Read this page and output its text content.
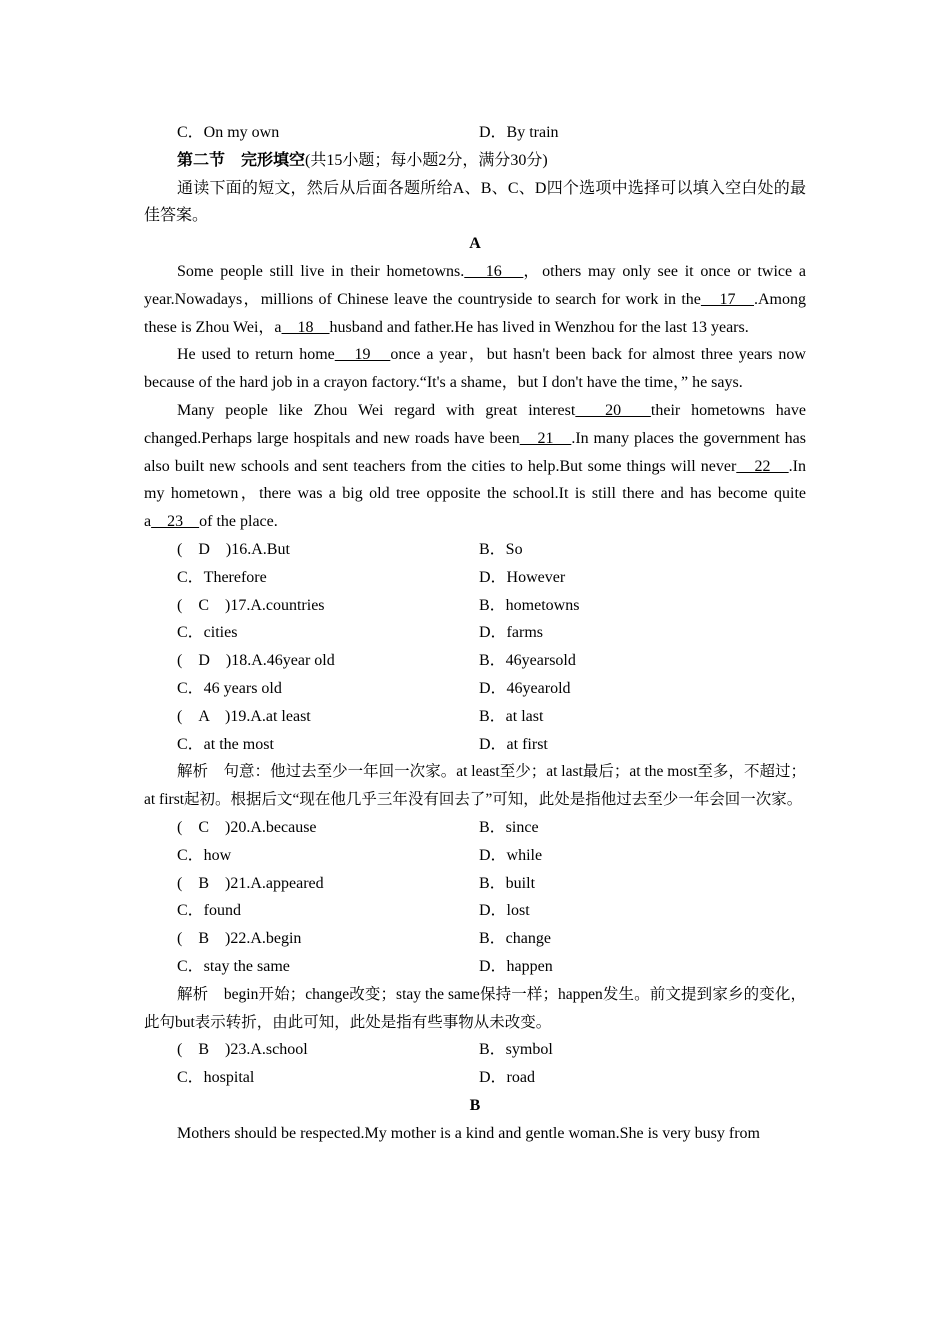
C．On my own	D．By train

第二节　完形填空(共15小题；每小题2分，满分30分)

通读下面的短文，然后从后面各题所给A、B、C、D四个选项中选择可以填入空白处的最佳答案。

A

Some people still live in their hometowns.　16　，others may only see it once or twice a year.Nowadays，millions of Chinese leave the countryside to search for work in the　17　.Among these is Zhou Wei，a　18　husband and father.He has lived in Wenzhou for the last 13 years.

He used to return home　19　once a year，but hasn't been back for almost three years now because of the hard job in a crayon factory.“It's a shame，but I don't have the time，” he says.

Many people like Zhou Wei regard with great interest　20　their hometowns have changed.Perhaps large hospitals and new roads have been　21　.In many places the government has also built new schools and sent teachers from the cities to help.But some things will never　22　.In my hometown，there was a big old tree opposite the school.It is still there and has become quite a　23　of the place.

(　D　)16.A.But	B．So
C．Therefore	D．However
(　C　)17.A.countries	B．hometowns
C．cities	D．farms
(　D　)18.A.46year old	B．46yearsold
C．46 years old	D．46yearold
(　A　)19.A.at least	B．at last
C．at the most	D．at first

解析　句意：他过去至少一年回一次家。at least至少；at last最后；at the most至多，不超过；at first起初。根据后文“现在他几乎三年没有回去了”可知，此处是指他过去至少一年会回一次家。

(　C　)20.A.because	B．since
C．how	D．while
(　B　)21.A.appeared	B．built
C．found	D．lost
(　B　)22.A.begin	B．change
C．stay the same	D．happen

解析　begin开始；change改变；stay the same保持一样；happen发生。前文提到家乡的变化，此句but表示转折，由此可知，此处是指有些事物从未改变。

(　B　)23.A.school	B．symbol
C．hospital	D．road

B

Mothers should be respected.My mother is a kind and gentle woman.She is very busy from
